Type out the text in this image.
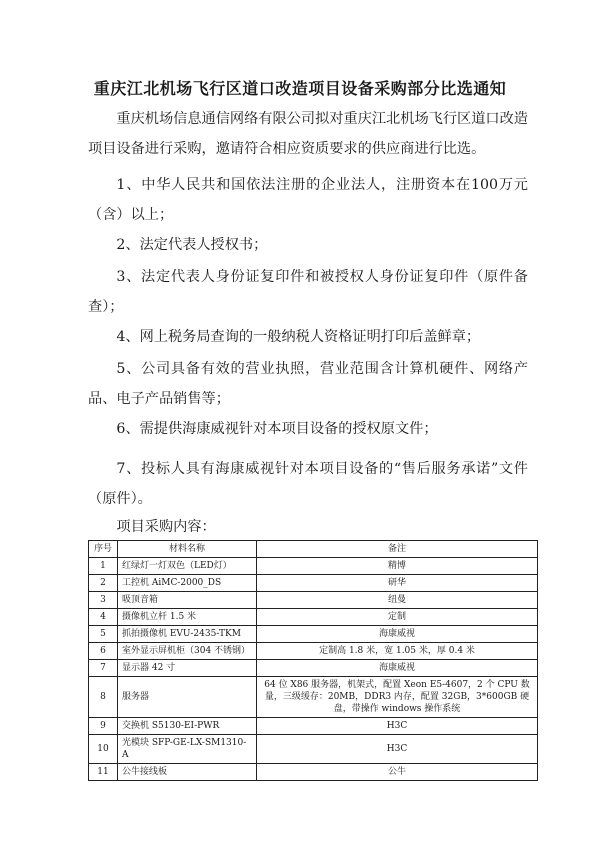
重庆江北机场飞行区道口改造项目设备采购部分比选通知

重庆机场信息通信网络有限公司拟对重庆江北机场飞行区道口改造项目设备进行采购，邀请符合相应资质要求的供应商进行比选。

1、中华人民共和国依法注册的企业法人，注册资本在100万元（含）以上；

2、法定代表人授权书；

3、法定代表人身份证复印件和被授权人身份证复印件（原件备查）；

4、网上税务局查询的一般纳税人资格证明打印后盖鲜章；

5、公司具备有效的营业执照，营业范围含计算机硬件、网络产品、电子产品销售等；

6、需提供海康威视针对本项目设备的授权原文件；

7、投标人具有海康威视针对本项目设备的“售后服务承诺”文件（原件）。

项目采购内容：

序号	材料名称	备注
1	红绿灯一灯双色（LED灯）	精博
2	工控机 AiMC-2000_DS	研华
3	吸顶音箱	纽曼
4	摄像机立杆 1.5 米	定制
5	抓拍摄像机 EVU-2435-TKM	海康威视
6	室外显示屏机柜（304 不锈钢）	定制高 1.8 米，宽 1.05 米，厚 0.4 米
7	显示器 42 寸	海康威视
8	服务器	64 位 X86 服务器，机架式，配置 Xeon E5-4607，2 个 CPU 数量，三级缓存：20MB，DDR3 内存，配置 32GB，3*600GB 硬盘，带操作 windows 操作系统
9	交换机 S5130-EI-PWR	H3C
10	光模块 SFP-GE-LX-SM1310-A	H3C
11	公牛接线板	公牛
